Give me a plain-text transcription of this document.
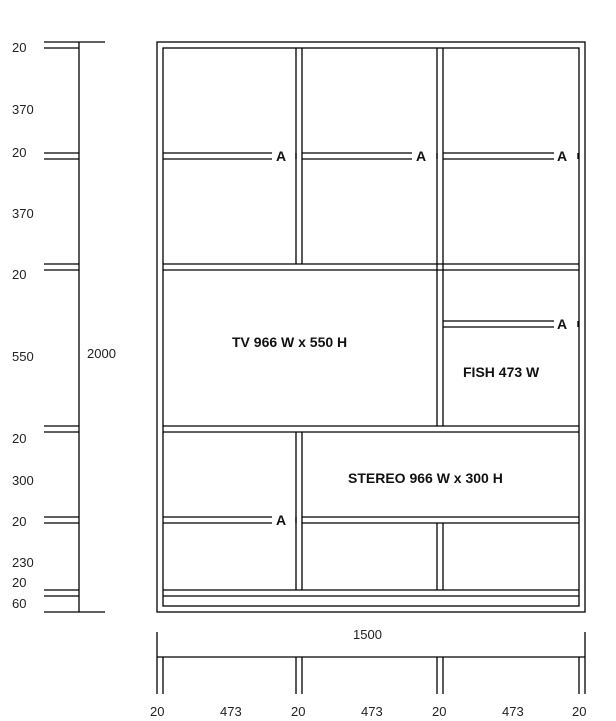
A	A	A
A
A
TV 966 W x 550 H
FISH 473 W
STEREO 966 W x 300 H
20
370
20
370
20
550
20
300
20
230
20
60
2000
1500
20	473	20	473	20	473	20
